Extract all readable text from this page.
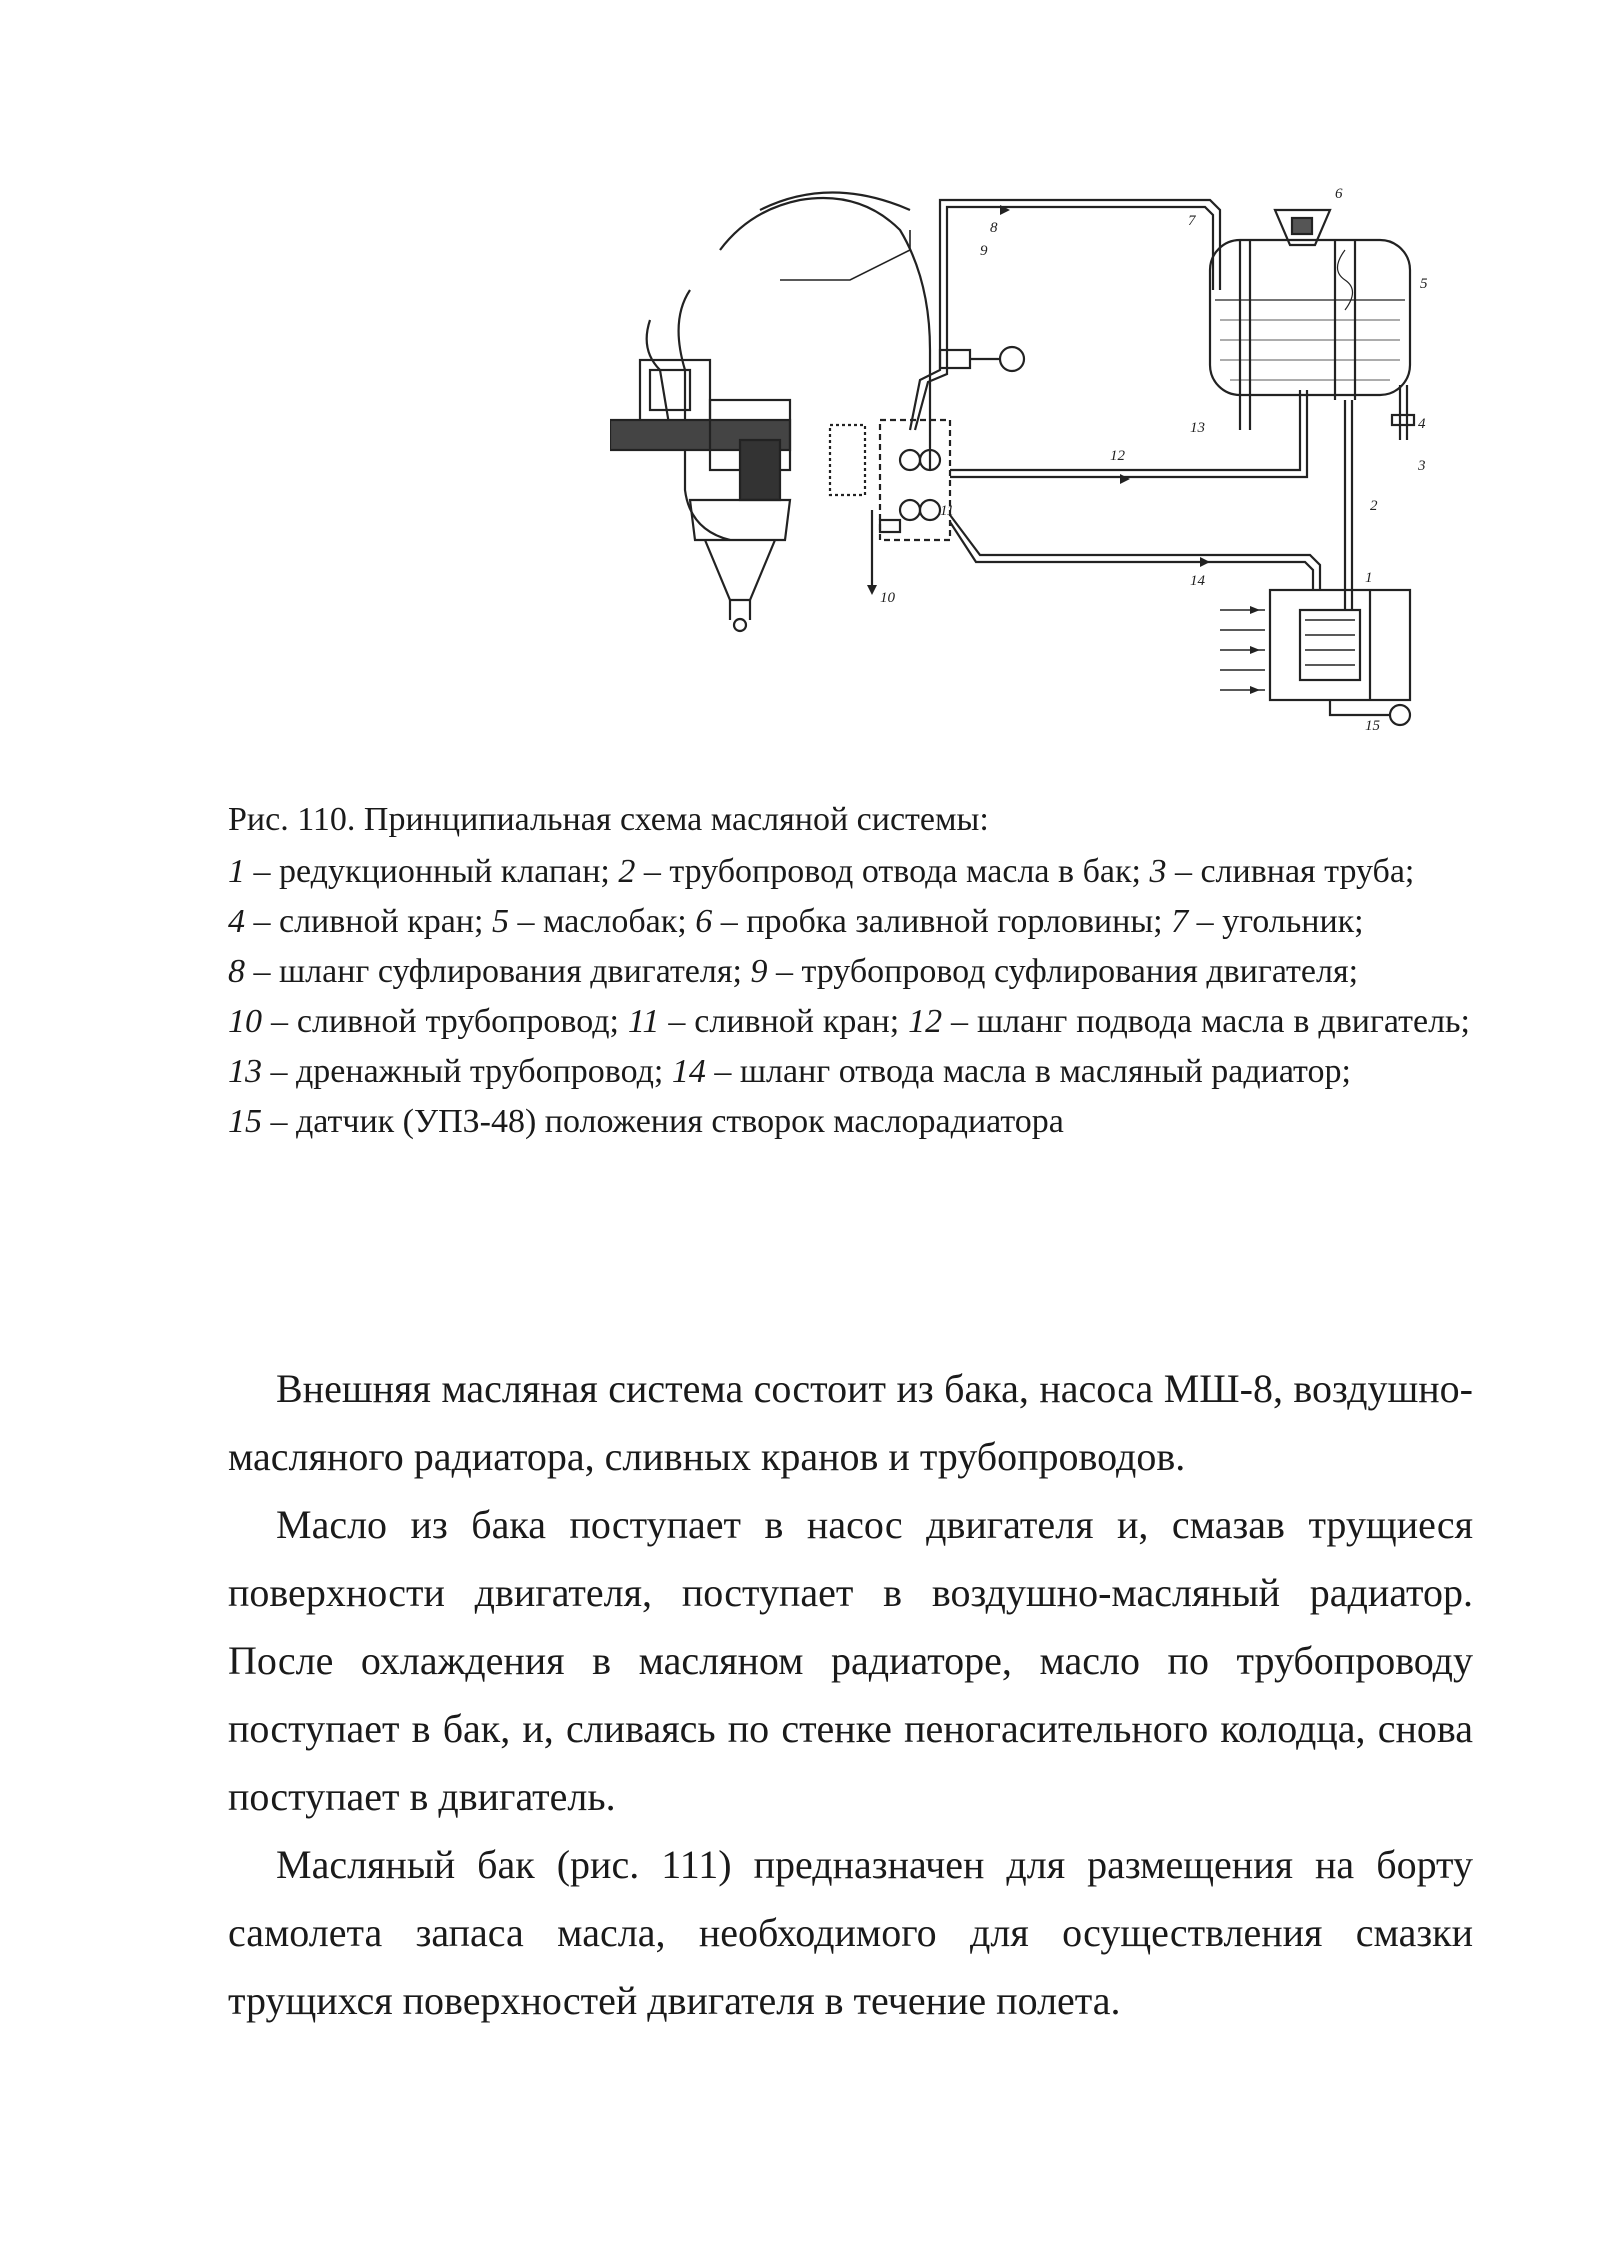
1
2
3
4
5
6
7
8
9
10
11
12
13
14
15
Рис. 110. Принципиальная схема масляной системы:
1 – редукционный клапан; 2 – трубопровод отвода масла в бак; 3 – сливная труба;
4 – сливной кран; 5 – маслобак; 6 – пробка заливной горловины; 7 – угольник;
8 – шланг суфлирования двигателя; 9 – трубопровод суфлирования двигателя;
10 – сливной трубопровод; 11 – сливной кран; 12 – шланг подвода масла в двигатель; 13 – дренажный трубопровод; 14 – шланг отвода масла в масляный радиатор;
15 – датчик (УПЗ-48) положения створок маслорадиатора

Внешняя масляная система состоит из бака, насоса МШ-8, воздушно-масляного радиатора, сливных кранов и трубопроводов.

Масло из бака поступает в насос двигателя и, смазав трущиеся поверхности двигателя, поступает в воздушно-масляный радиатор. После охлаждения в масляном радиаторе, масло по трубопроводу поступает в бак, и, сливаясь по стенке пеногасительного колодца, снова поступает в двигатель.

Масляный бак (рис. 111) предназначен для размещения на борту самолета запаса масла, необходимого для осуществления смазки трущихся поверхностей двигателя в течение полета.
